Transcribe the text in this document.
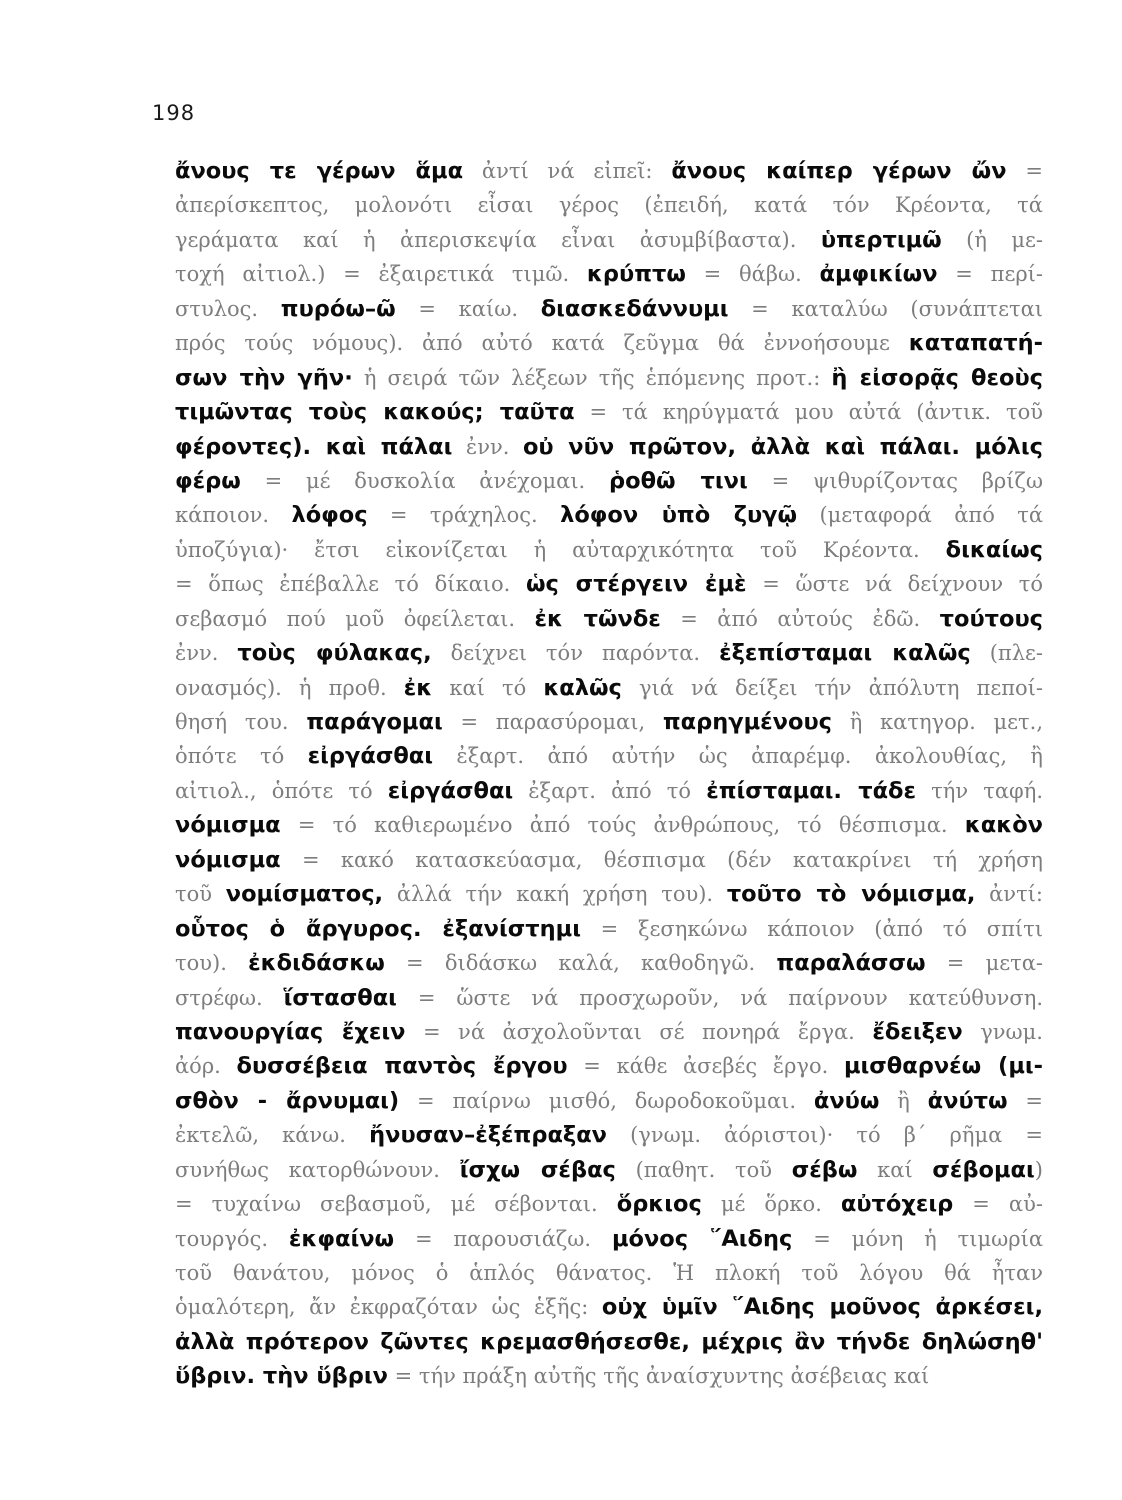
198
ἄνους τε γέρων ἅμα ἀντί νά εἰπεῖ: ἄνους καίπερ γέρων ὤν =
ἀπερίσκεπτος, μολονότι εἶσαι γέρος (ἐπειδή, κατά τόν Κρέοντα, τά
γεράματα καί ἡ ἀπερισκεψία εἶναι ἀσυμβίβαστα). ὑπερτιμῶ (ἡ με-
τοχή αἰτιολ.) = ἐξαιρετικά τιμῶ. κρύπτω = θάβω. ἀμφικίων = περί-
στυλος. πυρόω–ῶ = καίω. διασκεδάννυμι = καταλύω (συνάπτεται
πρός τούς νόμους). ἀπό αὐτό κατά ζεῦγμα θά ἐννοήσουμε καταπατή-
σων τὴν γῆν· ἡ σειρά τῶν λέξεων τῆς ἑπόμενης προτ.: ἢ εἰσορᾷς θεοὺς
τιμῶντας τοὺς κακούς; ταῦτα = τά κηρύγματά μου αὐτά (ἀντικ. τοῦ
φέροντες). καὶ πάλαι ἐνν. οὐ νῦν πρῶτον, ἀλλὰ καὶ πάλαι. μόλις
φέρω = μέ δυσκολία ἀνέχομαι. ῥοθῶ τινι = ψιθυρίζοντας βρίζω
κάποιον. λόφος = τράχηλος. λόφον ὑπὸ ζυγῷ (μεταφορά ἀπό τά
ὑποζύγια)· ἔτσι εἰκονίζεται ἡ αὐταρχικότητα τοῦ Κρέοντα. δικαίως
= ὅπως ἐπέβαλλε τό δίκαιο. ὡς στέργειν ἐμὲ = ὥστε νά δείχνουν τό
σεβασμό πού μοῦ ὀφείλεται. ἐκ τῶνδε = ἀπό αὐτούς ἐδῶ. τούτους
ἐνν. τοὺς φύλακας, δείχνει τόν παρόντα. ἐξεπίσταμαι καλῶς (πλε-
ονασμός). ἡ προθ. ἐκ καί τό καλῶς γιά νά δείξει τήν ἀπόλυτη πεποί-
θησή του. παράγομαι = παρασύρομαι, παρηγμένους ἢ κατηγορ. μετ.,
ὁπότε τό εἰργάσθαι ἐξαρτ. ἀπό αὐτήν ὡς ἀπαρέμφ. ἀκολουθίας, ἢ
αἰτιολ., ὁπότε τό εἰργάσθαι ἐξαρτ. ἀπό τό ἐπίσταμαι. τάδε τήν ταφή.
νόμισμα = τό καθιερωμένο ἀπό τούς ἀνθρώπους, τό θέσπισμα. κακὸν
νόμισμα = κακό κατασκεύασμα, θέσπισμα (δέν κατακρίνει τή χρήση
τοῦ νομίσματος, ἀλλά τήν κακή χρήση του). τοῦτο τὸ νόμισμα, ἀντί:
οὗτος ὁ ἄργυρος. ἐξανίστημι = ξεσηκώνω κάποιον (ἀπό τό σπίτι
του). ἐκδιδάσκω = διδάσκω καλά, καθοδηγῶ. παραλάσσω = μετα-
στρέφω. ἵστασθαι = ὥστε νά προσχωροῦν, νά παίρνουν κατεύθυνση.
πανουργίας ἔχειν = νά ἀσχολοῦνται σέ πονηρά ἔργα. ἔδειξεν γνωμ.
ἀόρ. δυσσέβεια παντὸς ἔργου = κάθε ἀσεβές ἔργο. μισθαρνέω (μι-
σθὸν - ἄρνυμαι) = παίρνω μισθό, δωροδοκοῦμαι. ἀνύω ἢ ἀνύτω =
ἐκτελῶ, κάνω. ἤνυσαν–ἐξέπραξαν (γνωμ. ἀόριστοι)· τό β΄ ρῆμα =
συνήθως κατορθώνουν. ἴσχω σέβας (παθητ. τοῦ σέβω καί σέβομαι)
= τυχαίνω σεβασμοῦ, μέ σέβονται. ὅρκιος μέ ὅρκο. αὐτόχειρ = αὐ-
τουργός. ἐκφαίνω = παρουσιάζω. μόνος ῞Αιδης = μόνη ἡ τιμωρία
τοῦ θανάτου, μόνος ὁ ἁπλός θάνατος. Ἡ πλοκή τοῦ λόγου θά ἦταν
ὁμαλότερη, ἄν ἐκφραζόταν ὡς ἑξῆς: οὐχ ὑμῖν ῞Αιδης μοῦνος ἀρκέσει,
ἀλλὰ πρότερον ζῶντες κρεμασθήσεσθε, μέχρις ἂν τήνδε δηλώσηθ'
ὕβριν. τὴν ὕβριν = τήν πράξη αὐτῆς τῆς ἀναίσχυντης ἀσέβειας καί
